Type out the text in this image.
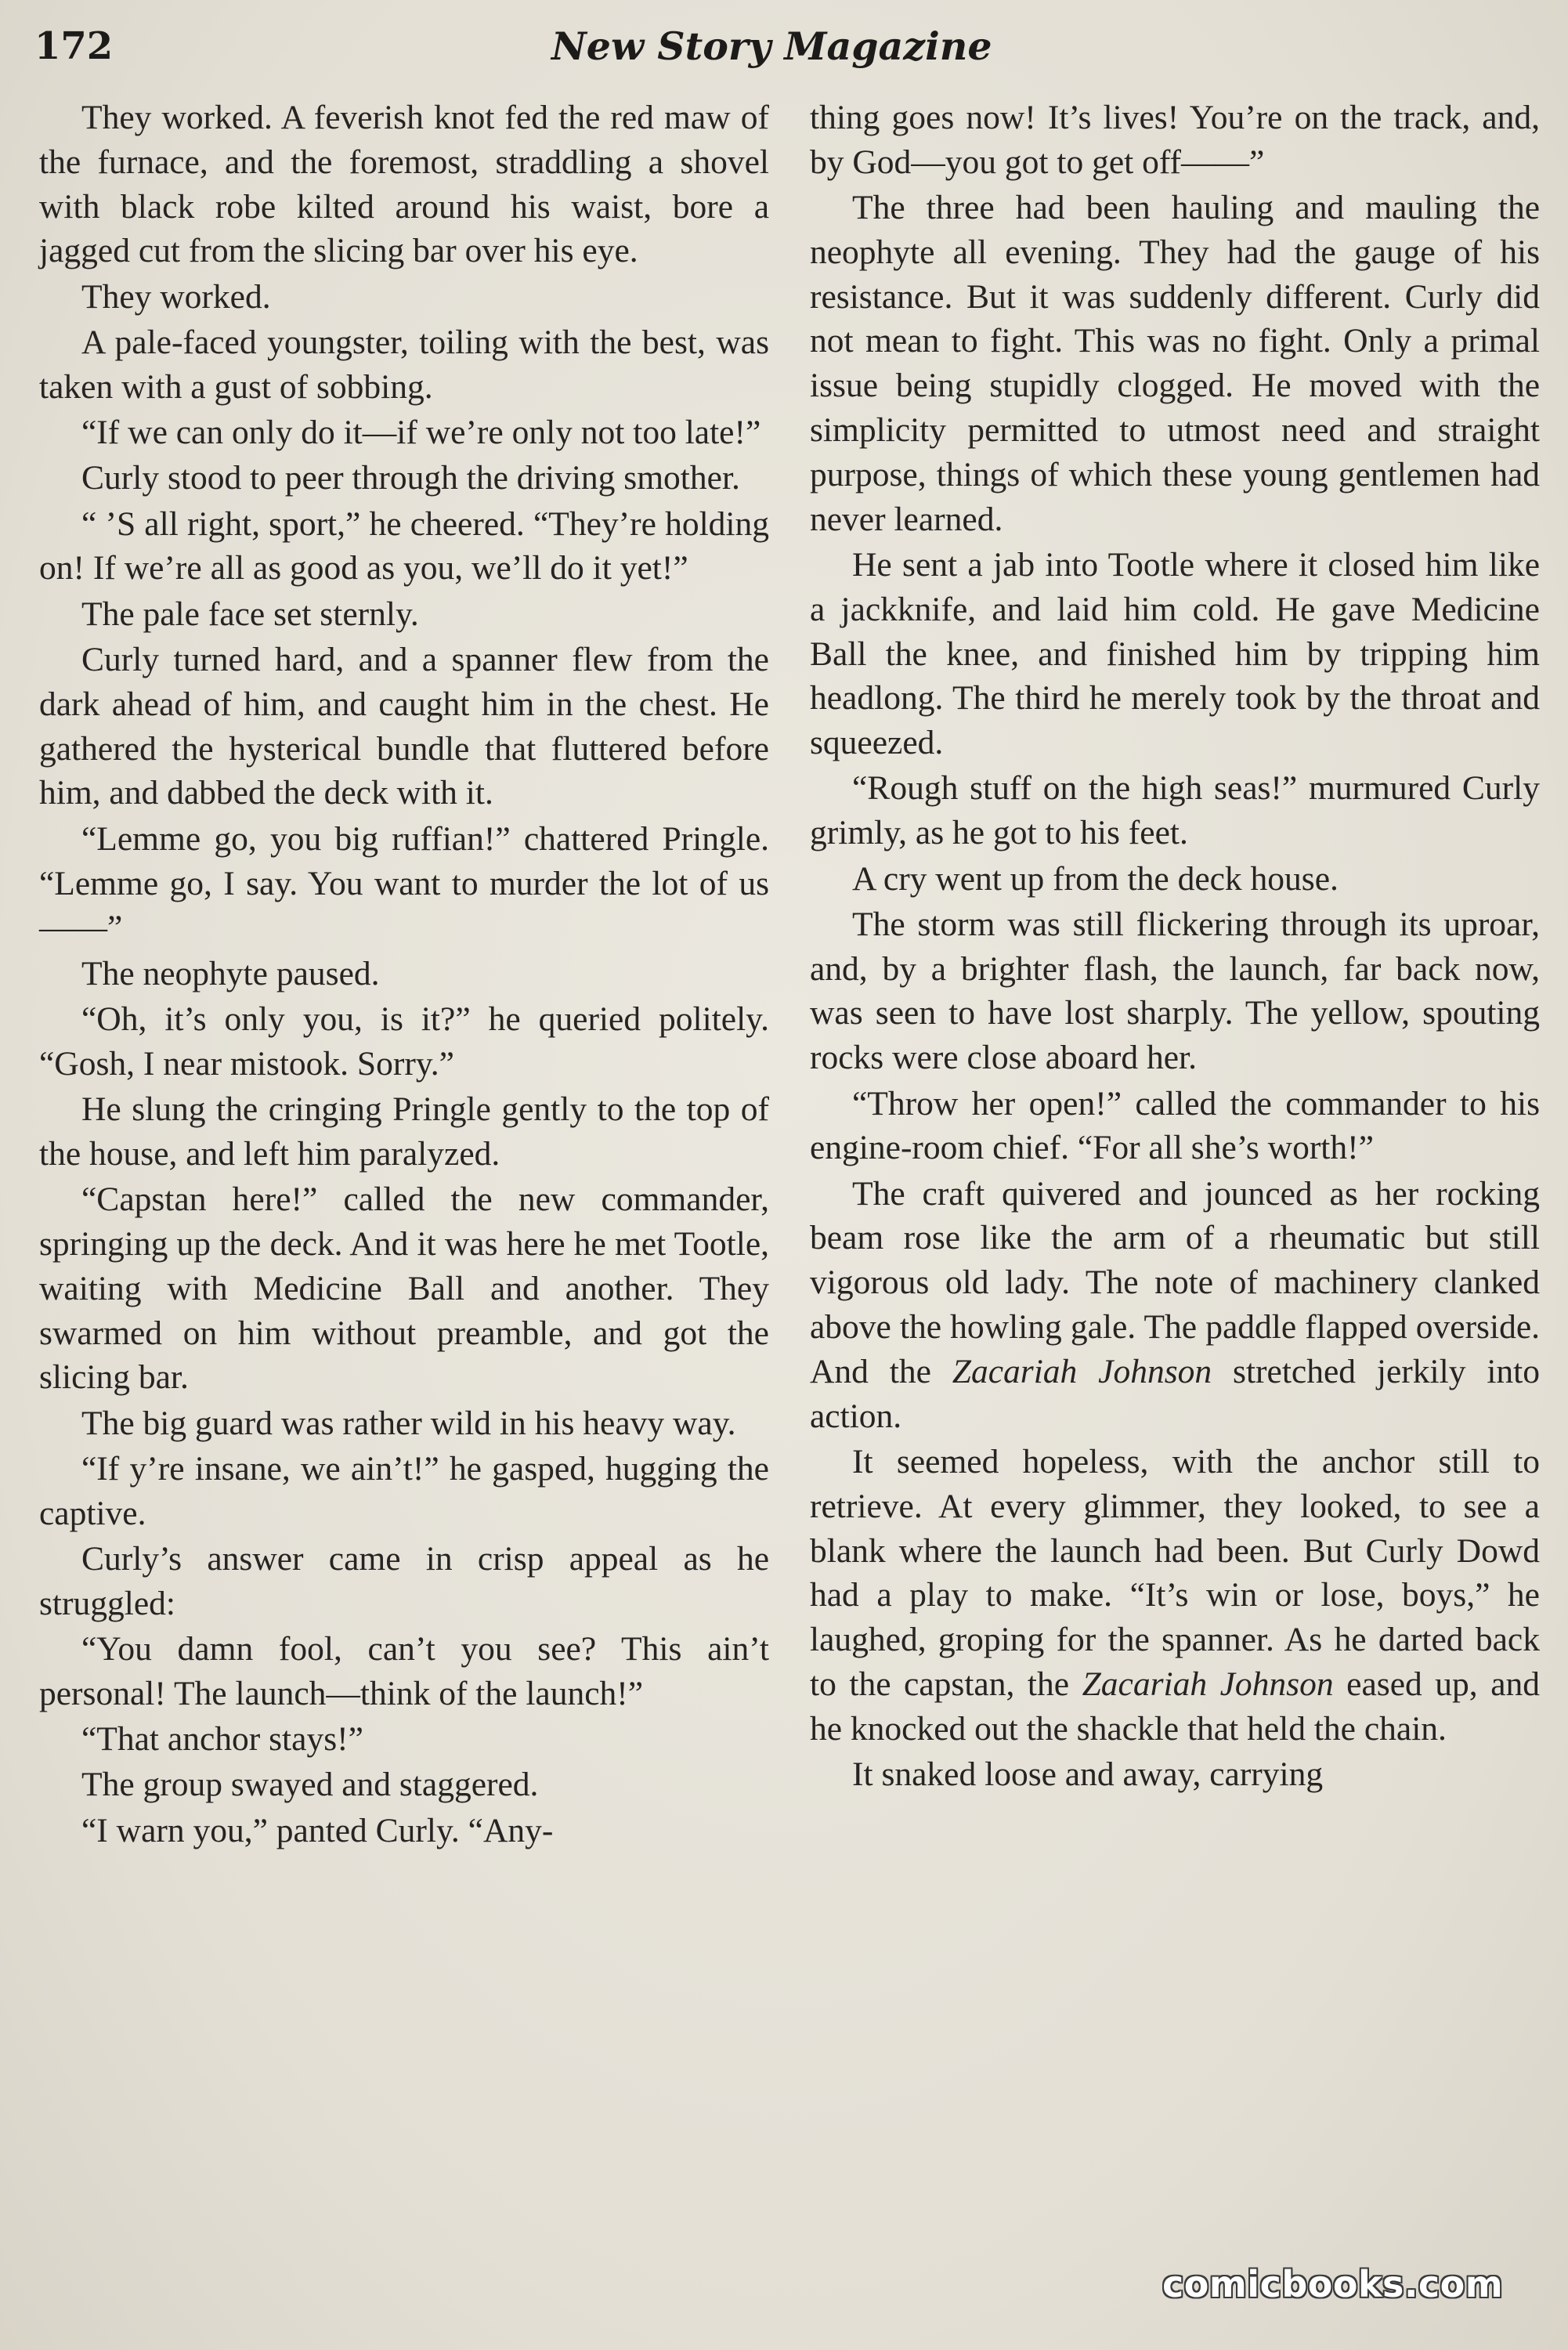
172	New Story Magazine

They worked. A feverish knot fed the red maw of the furnace, and the foremost, straddling a shovel with black robe kilted around his waist, bore a jagged cut from the slicing bar over his eye.

They worked.

A pale-faced youngster, toiling with the best, was taken with a gust of sobbing.

“If we can only do it—if we’re only not too late!”

Curly stood to peer through the driving smother.

“ ’S all right, sport,” he cheered. “They’re holding on! If we’re all as good as you, we’ll do it yet!”

The pale face set sternly.

Curly turned hard, and a spanner flew from the dark ahead of him, and caught him in the chest. He gathered the hysterical bundle that fluttered before him, and dabbed the deck with it.

“Lemme go, you big ruffian!” chattered Pringle. “Lemme go, I say. You want to murder the lot of us——”

The neophyte paused.

“Oh, it’s only you, is it?” he queried politely. “Gosh, I near mistook. Sorry.”

He slung the cringing Pringle gently to the top of the house, and left him paralyzed.

“Capstan here!” called the new commander, springing up the deck. And it was here he met Tootle, waiting with Medicine Ball and another. They swarmed on him without preamble, and got the slicing bar.

The big guard was rather wild in his heavy way.

“If y’re insane, we ain’t!” he gasped, hugging the captive.

Curly’s answer came in crisp appeal as he struggled:

“You damn fool, can’t you see? This ain’t personal! The launch—think of the launch!”

“That anchor stays!”

The group swayed and staggered.

“I warn you,” panted Curly. “Any-

thing goes now! It’s lives! You’re on the track, and, by God—you got to get off——”

The three had been hauling and mauling the neophyte all evening. They had the gauge of his resistance. But it was suddenly different. Curly did not mean to fight. This was no fight. Only a primal issue being stupidly clogged. He moved with the simplicity permitted to utmost need and straight purpose, things of which these young gentlemen had never learned.

He sent a jab into Tootle where it closed him like a jackknife, and laid him cold. He gave Medicine Ball the knee, and finished him by tripping him headlong. The third he merely took by the throat and squeezed.

“Rough stuff on the high seas!” murmured Curly grimly, as he got to his feet.

A cry went up from the deck house.

The storm was still flickering through its uproar, and, by a brighter flash, the launch, far back now, was seen to have lost sharply. The yellow, spouting rocks were close aboard her.

“Throw her open!” called the commander to his engine-room chief. “For all she’s worth!”

The craft quivered and jounced as her rocking beam rose like the arm of a rheumatic but still vigorous old lady. The note of machinery clanked above the howling gale. The paddle flapped overside. And the Zacariah Johnson stretched jerkily into action.

It seemed hopeless, with the anchor still to retrieve. At every glimmer, they looked, to see a blank where the launch had been. But Curly Dowd had a play to make. “It’s win or lose, boys,” he laughed, groping for the spanner. As he darted back to the capstan, the Zacariah Johnson eased up, and he knocked out the shackle that held the chain.

It snaked loose and away, carrying

comicbooks.com
